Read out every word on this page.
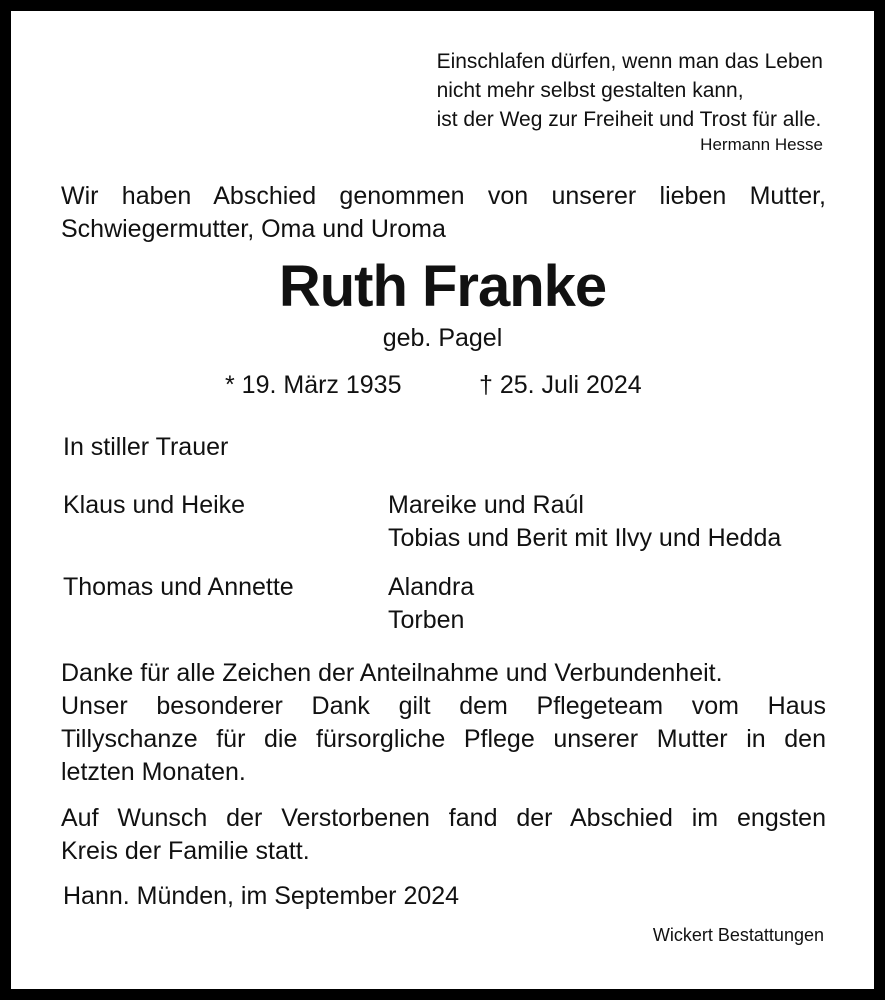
Einschlafen dürfen, wenn man das Leben
nicht mehr selbst gestalten kann,
ist der Weg zur Freiheit und Trost für alle.
Hermann Hesse
Wir haben Abschied genommen von unserer lieben Mutter, Schwiegermutter, Oma und Uroma
Ruth Franke
geb. Pagel
* 19. März 1935	† 25. Juli 2024
In stiller Trauer
Klaus und Heike	Mareike und Raúl
Tobias und Berit mit Ilvy und Hedda
Thomas und Annette	Alandra
Torben
Danke für alle Zeichen der Anteilnahme und Verbundenheit.
Unser besonderer Dank gilt dem Pflegeteam vom Haus
Tillyschanze für die fürsorgliche Pflege unserer Mutter in den
letzten Monaten.
Auf Wunsch der Verstorbenen fand der Abschied im engsten
Kreis der Familie statt.
Hann. Münden, im September 2024
Wickert Bestattungen
